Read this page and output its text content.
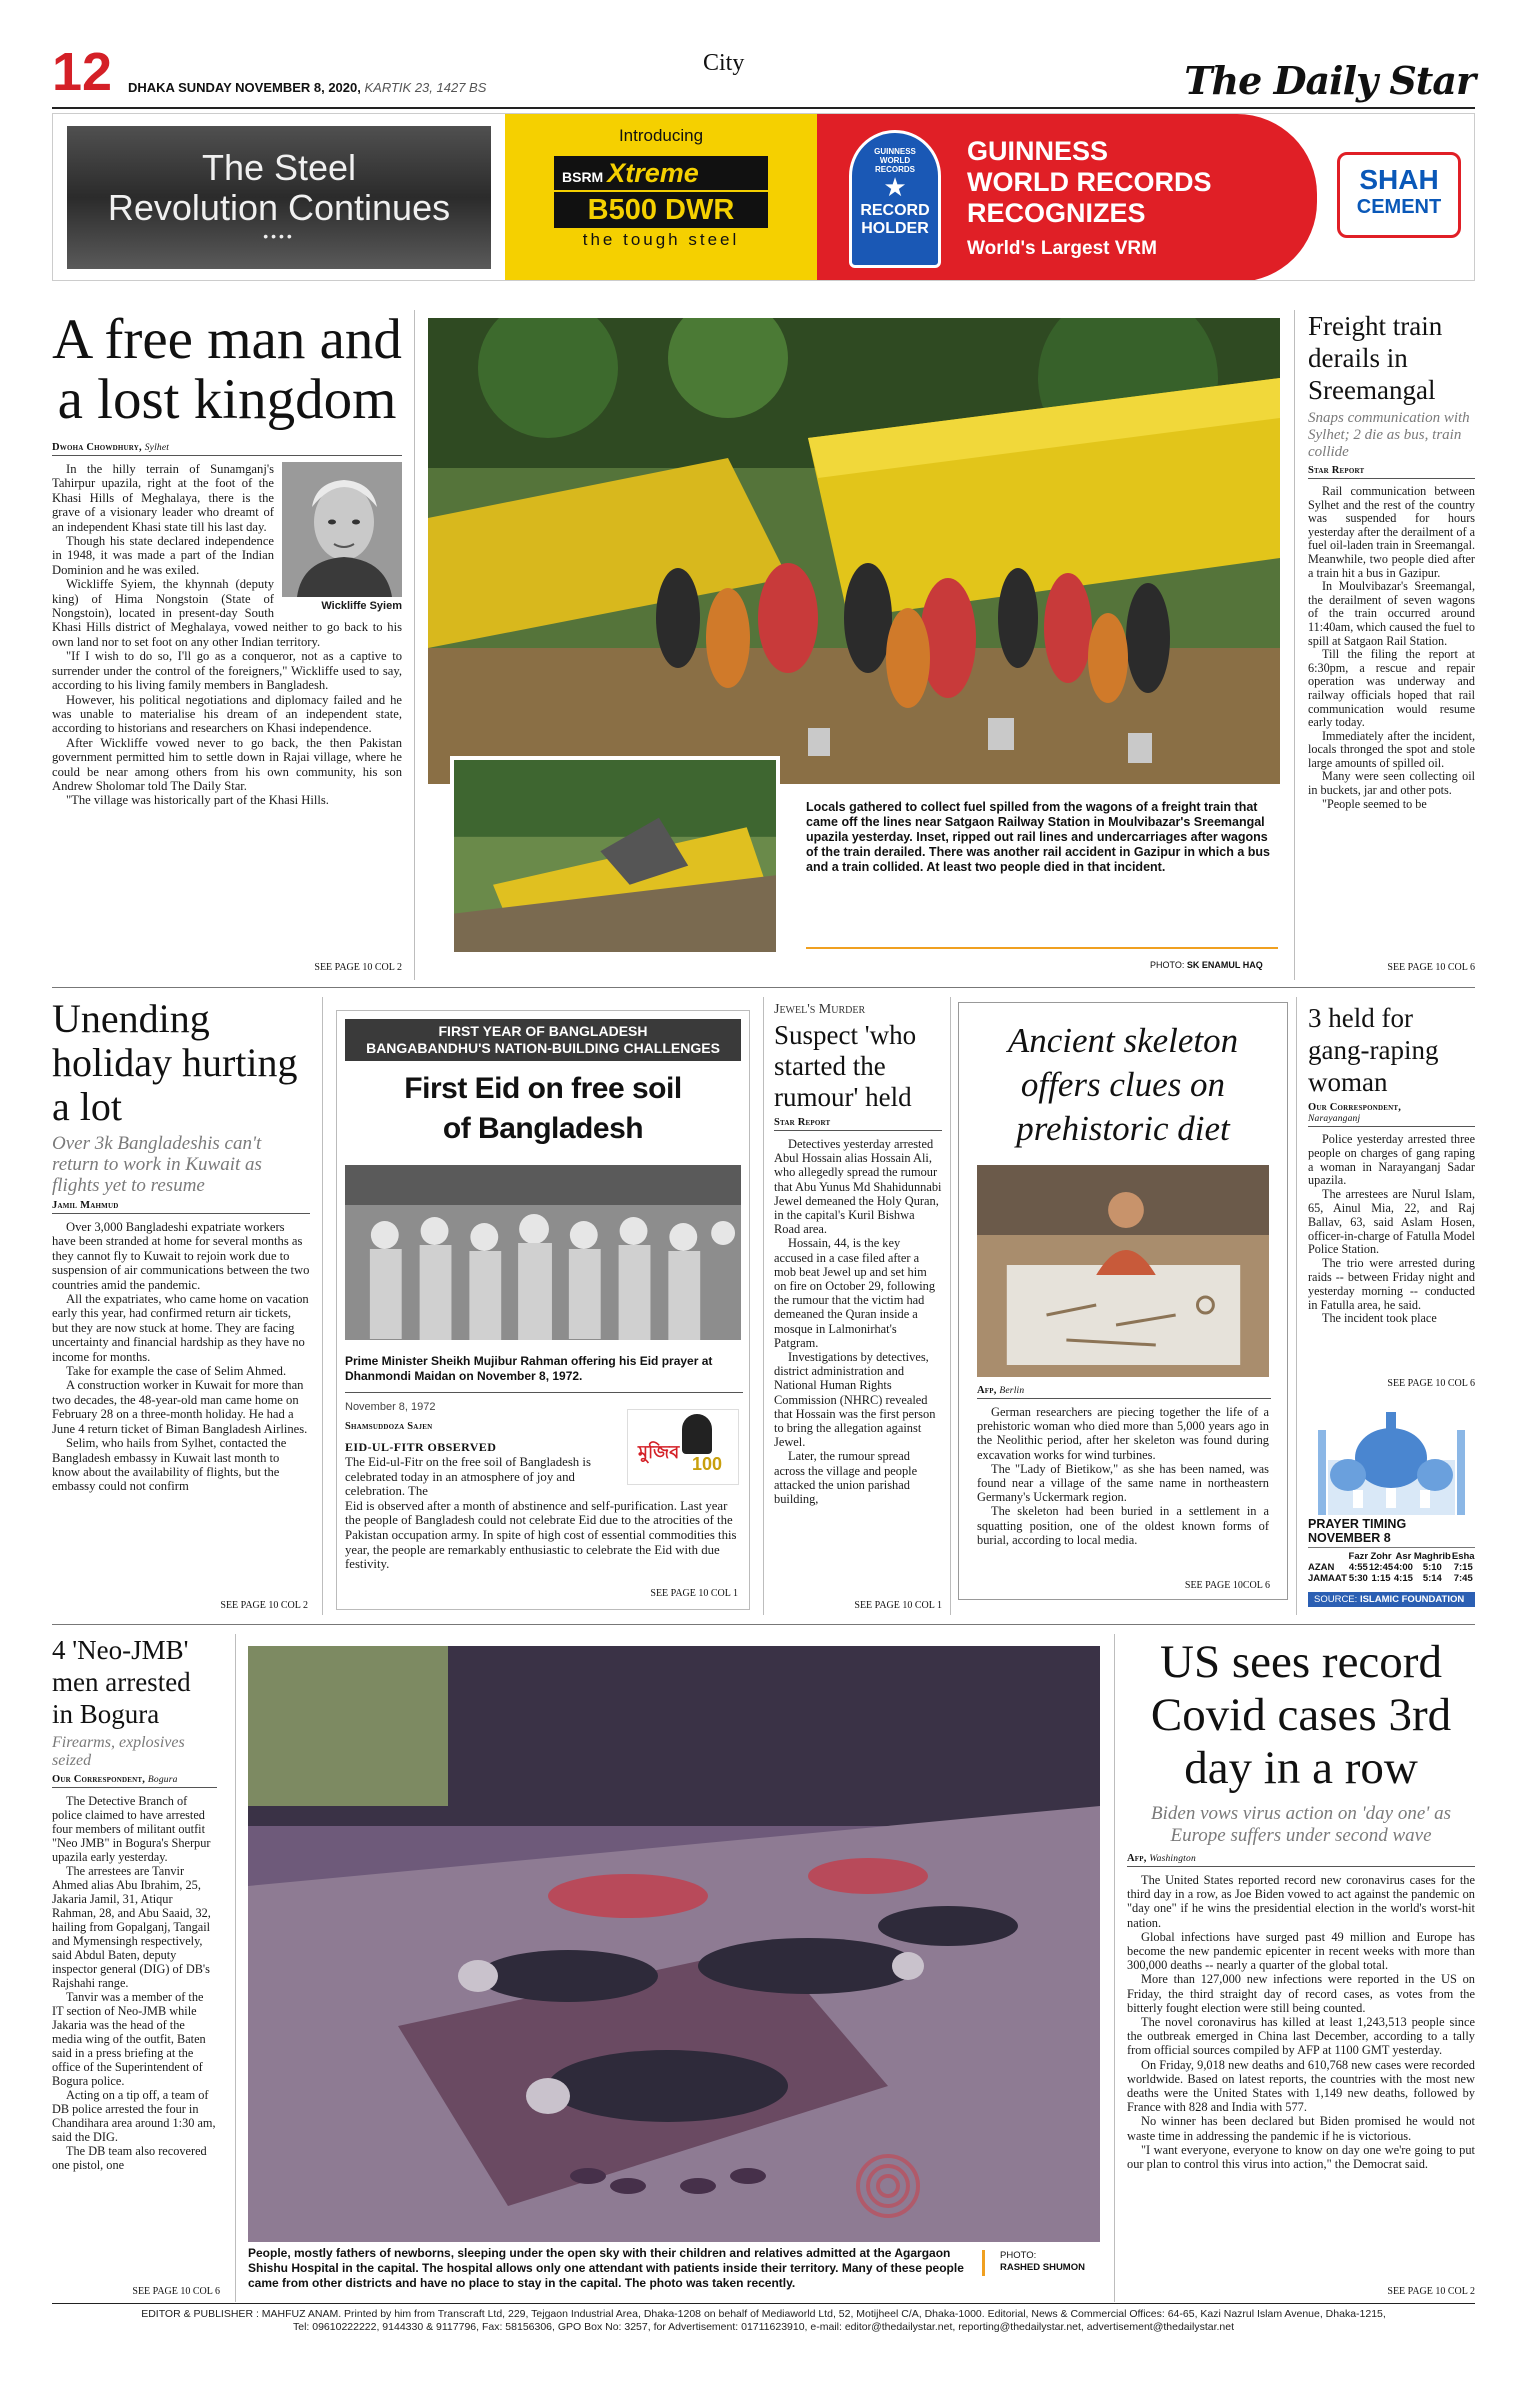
12 DHAKA SUNDAY NOVEMBER 8, 2020, KARTIK 23, 1427 BS
City	The Daily Star
The Steel
Revolution Continues
••••
Introducing
BSRM Xtreme
B500 DWR
the tough steel
GUINNESS WORLD RECORDS
★
RECORD
HOLDER
GUINNESS
WORLD RECORDS
RECOGNIZES
World's Largest VRM
SHAH
CEMENT
A free man and a lost kingdom
Dwoha Chowdhury, Sylhet
Wickliffe Syiem

In the hilly terrain of Sunamganj's Tahirpur upazila, right at the foot of the Khasi Hills of Meghalaya, there is the grave of a visionary leader who dreamt of an independent Khasi state till his last day.

Though his state declared independence in 1948, it was made a part of the Indian Dominion and he was exiled.

Wickliffe Syiem, the khynnah (deputy king) of Hima Nongstoin (State of Nongstoin), located in present-day South Khasi Hills district of Meghalaya, vowed neither to go back to his own land nor to set foot on any other Indian territory.

"If I wish to do so, I'll go as a conqueror, not as a captive to surrender under the control of the foreigners," Wickliffe used to say, according to his living family members in Bangladesh.

However, his political negotiations and diplomacy failed and he was unable to materialise his dream of an independent state, according to historians and researchers on Khasi independence.

After Wickliffe vowed never to go back, the then Pakistan government permitted him to settle down in Rajai village, where he could be near among others from his own community, his son Andrew Sholomar told The Daily Star.

"The village was historically part of the Khasi Hills.

SEE PAGE 10 COL 2
Locals gathered to collect fuel spilled from the wagons of a freight train that came off the lines near Satgaon Railway Station in Moulvibazar's Sreemangal upazila yesterday. Inset, ripped out rail lines and undercarriages after wagons of the train derailed. There was another rail accident in Gazipur in which a bus and a train collided. At least two people died in that incident.
PHOTO: SK ENAMUL HAQ
Freight train derails in Sreemangal
Snaps communication with Sylhet; 2 die as bus, train collide
Star Report

Rail communication between Sylhet and the rest of the country was suspended for hours yesterday after the derailment of a fuel oil-laden train in Sreemangal. Meanwhile, two people died after a train hit a bus in Gazipur.

In Moulvibazar's Sreemangal, the derailment of seven wagons of the train occurred around 11:40am, which caused the fuel to spill at Satgaon Rail Station.

Till the filing the report at 6:30pm, a rescue and repair operation was underway and railway officials hoped that rail communication would resume early today.

Immediately after the incident, locals thronged the spot and stole large amounts of spilled oil.

Many were seen collecting oil in buckets, jar and other pots.

"People seemed to be

SEE PAGE 10 COL 6
Unending holiday hurting a lot
Over 3k Bangladeshis can't return to work in Kuwait as flights yet to resume
Jamil Mahmud

Over 3,000 Bangladeshi expatriate workers have been stranded at home for several months as they cannot fly to Kuwait to rejoin work due to suspension of air communications between the two countries amid the pandemic.

All the expatriates, who came home on vacation early this year, had confirmed return air tickets, but they are now stuck at home. They are facing uncertainty and financial hardship as they have no income for months.

Take for example the case of Selim Ahmed.

A construction worker in Kuwait for more than two decades, the 48-year-old man came home on February 28 on a three-month holiday. He had a June 4 return ticket of Biman Bangladesh Airlines.

Selim, who hails from Sylhet, contacted the Bangladesh embassy in Kuwait last month to know about the availability of flights, but the embassy could not confirm

SEE PAGE 10 COL 2
FIRST YEAR OF BANGLADESH
BANGABANDHU'S NATION-BUILDING CHALLENGES
First Eid on free soil of Bangladesh
Prime Minister Sheikh Mujibur Rahman offering his Eid prayer at Dhanmondi Maidan on November 8, 1972.
November 8, 1972
Shamsuddoza Sajen
EID-UL-FITR OBSERVED	মুজিব
100
The Eid-ul-Fitr on the free soil of Bangladesh is celebrated today in an atmosphere of joy and celebration. The
Eid is observed after a month of abstinence and self-purification. Last year the people of Bangladesh could not celebrate Eid due to the atrocities of the Pakistan occupation army. In spite of high cost of essential commodities this year, the people are remarkably enthusiastic to celebrate the Eid with due festivity.
SEE PAGE 10 COL 1
Jewel's Murder
Suspect 'who started the rumour' held
Star Report

Detectives yesterday arrested Abul Hossain alias Hossain Ali, who allegedly spread the rumour that Abu Yunus Md Shahidunnabi Jewel demeaned the Holy Quran, in the capital's Kuril Bishwa Road area.

Hossain, 44, is the key accused in a case filed after a mob beat Jewel up and set him on fire on October 29, following the rumour that the victim had demeaned the Quran inside a mosque in Lalmonirhat's Patgram.

Investigations by detectives, district administration and National Human Rights Commission (NHRC) revealed that Hossain was the first person to bring the allegation against Jewel.

Later, the rumour spread across the village and people attacked the union parishad building,

SEE PAGE 10 COL 1
Ancient skeleton offers clues on prehistoric diet
Afp, Berlin

German researchers are piecing together the life of a prehistoric woman who died more than 5,000 years ago in the Neolithic period, after her skeleton was found during excavation works for wind turbines.

The "Lady of Bietikow," as she has been named, was found near a village of the same name in northeastern Germany's Uckermark region.

The skeleton had been buried in a settlement in a squatting position, one of the oldest known forms of burial, according to local media.

SEE PAGE 10COL 6
3 held for gang-raping woman
Our Correspondent,
Narayanganj

Police yesterday arrested three people on charges of gang raping a woman in Narayanganj Sadar upazila.

The arrestees are Nurul Islam, 65, Ainul Mia, 22, and Raj Ballav, 63, said Aslam Hosen, officer-in-charge of Fatulla Model Police Station.

The trio were arrested during raids -- between Friday night and yesterday morning -- conducted in Fatulla area, he said.

The incident took place

SEE PAGE 10 COL 6
PRAYER TIMING NOVEMBER 8
	Fazr	Zohr	Asr	Maghrib	Esha
AZAN	4:55	12:45	4:00	5:10	7:15
JAMAAT	5:30	1:15	4:15	5:14	7:45
SOURCE: ISLAMIC FOUNDATION
4 'Neo-JMB' men arrested in Bogura
Firearms, explosives seized
Our Correspondent, Bogura

The Detective Branch of police claimed to have arrested four members of militant outfit "Neo JMB" in Bogura's Sherpur upazila early yesterday.

The arrestees are Tanvir Ahmed alias Abu Ibrahim, 25, Jakaria Jamil, 31, Atiqur Rahman, 28, and Abu Saaid, 32, hailing from Gopalganj, Tangail and Mymensingh respectively, said Abdul Baten, deputy inspector general (DIG) of DB's Rajshahi range.

Tanvir was a member of the IT section of Neo-JMB while Jakaria was the head of the media wing of the outfit, Baten said in a press briefing at the office of the Superintendent of Bogura police.

Acting on a tip off, a team of DB police arrested the four in Chandihara area around 1:30 am, said the DIG.

The DB team also recovered one pistol, one

SEE PAGE 10 COL 6
People, mostly fathers of newborns, sleeping under the open sky with their children and relatives admitted at the Agargaon Shishu Hospital in the capital. The hospital allows only one attendant with patients inside their territory. Many of these people came from other districts and have no place to stay in the capital. The photo was taken recently.
PHOTO:
RASHED SHUMON
US sees record Covid cases 3rd day in a row
Biden vows virus action on 'day one' as Europe suffers under second wave
Afp, Washington

The United States reported record new coronavirus cases for the third day in a row, as Joe Biden vowed to act against the pandemic on "day one" if he wins the presidential election in the world's worst-hit nation.

Global infections have surged past 49 million and Europe has become the new pandemic epicenter in recent weeks with more than 300,000 deaths -- nearly a quarter of the global total.

More than 127,000 new infections were reported in the US on Friday, the third straight day of record cases, as votes from the bitterly fought election were still being counted.

The novel coronavirus has killed at least 1,243,513 people since the outbreak emerged in China last December, according to a tally from official sources compiled by AFP at 1100 GMT yesterday.

On Friday, 9,018 new deaths and 610,768 new cases were recorded worldwide. Based on latest reports, the countries with the most new deaths were the United States with 1,149 new deaths, followed by France with 828 and India with 577.

No winner has been declared but Biden promised he would not waste time in addressing the pandemic if he is victorious.

"I want everyone, everyone to know on day one we're going to put our plan to control this virus into action," the Democrat said.

SEE PAGE 10 COL 2
EDITOR & PUBLISHER : MAHFUZ ANAM. Printed by him from Transcraft Ltd, 229, Tejgaon Industrial Area, Dhaka-1208 on behalf of Mediaworld Ltd, 52, Motijheel C/A, Dhaka-1000. Editorial, News & Commercial Offices: 64-65, Kazi Nazrul Islam Avenue, Dhaka-1215,
Tel: 09610222222, 9144330 & 9117796, Fax: 58156306, GPO Box No: 3257, for Advertisement: 01711623910, e-mail: editor@thedailystar.net, reporting@thedailystar.net, advertisement@thedailystar.net
